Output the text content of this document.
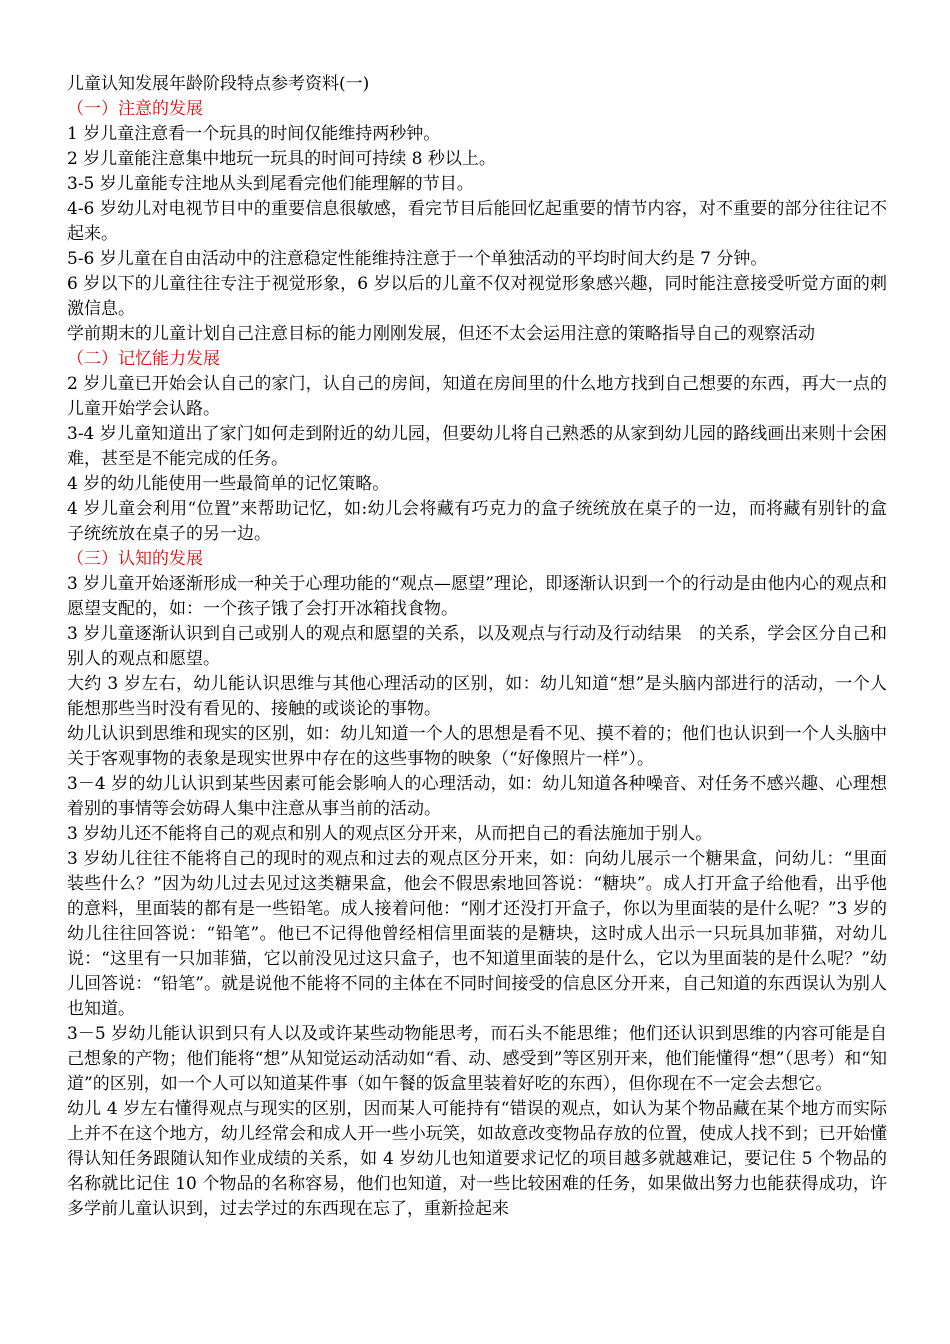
儿童认知发展年龄阶段特点参考资料(一)

（一）注意的发展

1 岁儿童注意看一个玩具的时间仅能维持两秒钟。

2 岁儿童能注意集中地玩一玩具的时间可持续 8 秒以上。

3-5 岁儿童能专注地从头到尾看完他们能理解的节目。

4-6 岁幼儿对电视节目中的重要信息很敏感，看完节目后能回忆起重要的情节内容，对不重要的部分往往记不起来。

5-6 岁儿童在自由活动中的注意稳定性能维持注意于一个单独活动的平均时间大约是 7 分钟。

6 岁以下的儿童往往专注于视觉形象，6 岁以后的儿童不仅对视觉形象感兴趣，同时能注意接受听觉方面的刺激信息。

学前期末的儿童计划自己注意目标的能力刚刚发展，但还不太会运用注意的策略指导自己的观察活动

（二）记忆能力发展

2 岁儿童已开始会认自己的家门，认自己的房间，知道在房间里的什么地方找到自己想要的东西，再大一点的儿童开始学会认路。

3-4 岁儿童知道出了家门如何走到附近的幼儿园，但要幼儿将自己熟悉的从家到幼儿园的路线画出来则十会困难，甚至是不能完成的任务。

4 岁的幼儿能使用一些最简单的记忆策略。

4 岁儿童会利用“位置”来帮助记忆，如:幼儿会将藏有巧克力的盒子统统放在桌子的一边，而将藏有别针的盒子统统放在桌子的另一边。

（三）认知的发展

3 岁儿童开始逐渐形成一种关于心理功能的“观点—愿望”理论，即逐渐认识到一个的行动是由他内心的观点和愿望支配的，如：一个孩子饿了会打开冰箱找食物。

3 岁儿童逐渐认识到自己或别人的观点和愿望的关系，以及观点与行动及行动结果　的关系，学会区分自己和别人的观点和愿望。

大约 3 岁左右，幼儿能认识思维与其他心理活动的区别，如：幼儿知道“想”是头脑内部进行的活动，一个人能想那些当时没有看见的、接触的或谈论的事物。

幼儿认识到思维和现实的区别，如：幼儿知道一个人的思想是看不见、摸不着的；他们也认识到一个人头脑中关于客观事物的表象是现实世界中存在的这些事物的映象（“好像照片一样”）。

3－4 岁的幼儿认识到某些因素可能会影响人的心理活动，如：幼儿知道各种噪音、对任务不感兴趣、心理想着别的事情等会妨碍人集中注意从事当前的活动。

3 岁幼儿还不能将自己的观点和别人的观点区分开来，从而把自己的看法施加于别人。

3 岁幼儿往往不能将自己的现时的观点和过去的观点区分开来，如：向幼儿展示一个糖果盒，问幼儿：“里面装些什么？”因为幼儿过去见过这类糖果盒，他会不假思索地回答说：“糖块”。成人打开盒子给他看，出乎他的意料，里面装的都有是一些铅笔。成人接着问他：“刚才还没打开盒子，你以为里面装的是什么呢？”3 岁的幼儿往往回答说：“铅笔”。他已不记得他曾经相信里面装的是糖块，这时成人出示一只玩具加菲猫，对幼儿说：“这里有一只加菲猫，它以前没见过这只盒子，也不知道里面装的是什么，它以为里面装的是什么呢？”幼儿回答说：“铅笔”。就是说他不能将不同的主体在不同时间接受的信息区分开来，自己知道的东西误认为别人也知道。

3－5 岁幼儿能认识到只有人以及或许某些动物能思考，而石头不能思维；他们还认识到思维的内容可能是自己想象的产物；他们能将“想”从知觉运动活动如“看、动、感受到”等区别开来，他们能懂得“想”（思考）和“知道”的区别，如一个人可以知道某件事（如午餐的饭盒里装着好吃的东西），但你现在不一定会去想它。

幼儿 4 岁左右懂得观点与现实的区别，因而某人可能持有“错误的观点，如认为某个物品藏在某个地方而实际上并不在这个地方，幼儿经常会和成人开一些小玩笑，如故意改变物品存放的位置，使成人找不到；已开始懂得认知任务跟随认知作业成绩的关系，如 4 岁幼儿也知道要求记忆的项目越多就越难记，要记住 5 个物品的名称就比记住 10 个物品的名称容易，他们也知道，对一些比较困难的任务，如果做出努力也能获得成功，许多学前儿童认识到，过去学过的东西现在忘了，重新捡起来
